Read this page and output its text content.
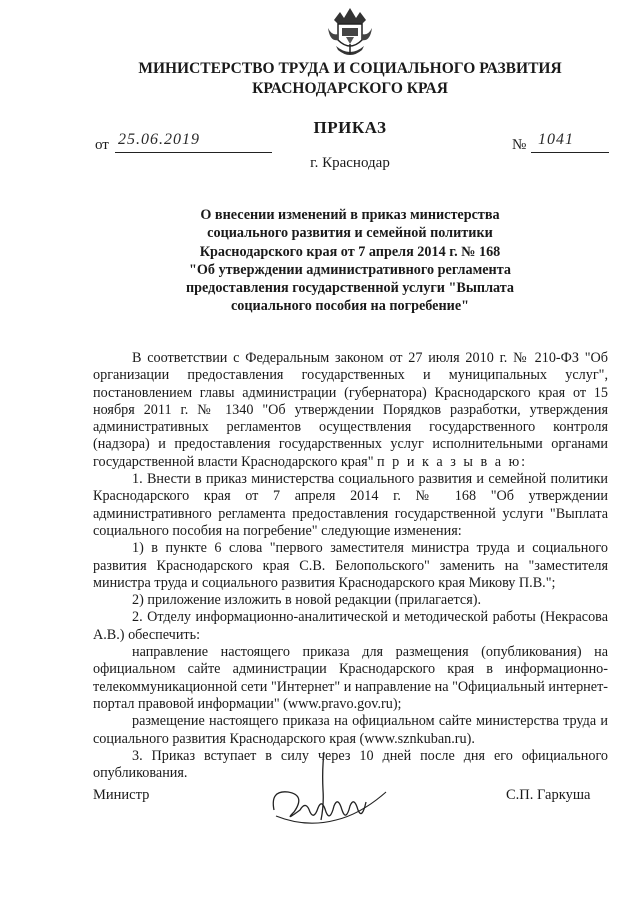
МИНИСТЕРСТВО ТРУДА И СОЦИАЛЬНОГО РАЗВИТИЯ
КРАСНОДАРСКОГО КРАЯ
ПРИКАЗ
от 25.06.2019	№ 1041
г. Краснодар
О внесении изменений в приказ министерства
социального развития и семейной политики
Краснодарского края от 7 апреля 2014 г. № 168
"Об утверждении административного регламента
предоставления государственной услуги "Выплата
социального пособия на погребение"

В соответствии с Федеральным законом от 27 июля 2010 г. № 210-ФЗ "Об организации предоставления государственных и муниципальных услуг", постановлением главы администрации (губернатора) Краснодарского края от 15 ноября 2011 г. № 1340 "Об утверждении Порядков разработки, утверждения административных регламентов осуществления государственного контроля (надзора) и предоставления государственных услуг исполнительными органами государственной власти Краснодарского края" п р и к а з ы в а ю:

1. Внести в приказ министерства социального развития и семейной политики Краснодарского края от 7 апреля 2014 г. № 168 "Об утверждении административного регламента предоставления государственной услуги "Выплата социального пособия на погребение" следующие изменения:

1) в пункте 6 слова "первого заместителя министра труда и социального развития Краснодарского края С.В. Белопольского" заменить на "заместителя министра труда и социального развития Краснодарского края Микову П.В.";

2) приложение изложить в новой редакции (прилагается).

2. Отделу информационно-аналитической и методической работы (Некрасова А.В.) обеспечить:

направление настоящего приказа для размещения (опубликования) на официальном сайте администрации Краснодарского края в информационно-телекоммуникационной сети "Интернет" и направление на "Официальный интернет-портал правовой информации" (www.pravo.gov.ru);

размещение настоящего приказа на официальном сайте министерства труда и социального развития Краснодарского края (www.sznkuban.ru).

3. Приказ вступает в силу через 10 дней после дня его официального опубликования.

Министр	С.П. Гаркуша
